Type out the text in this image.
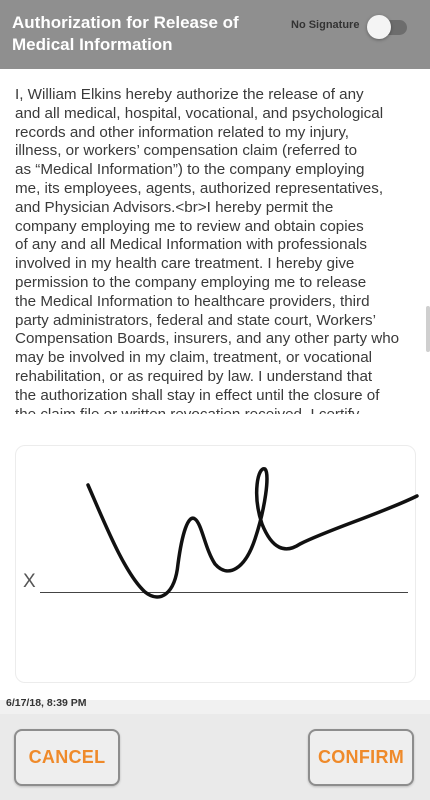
Authorization for Release of Medical Information
No Signature
I, William Elkins hereby authorize the release of any
and all medical, hospital, vocational, and psychological
records and other information related to my injury,
illness, or workers’ compensation claim (referred to
as “Medical Information”) to the company employing
me, its employees, agents, authorized representatives,
and Physician Advisors.<br>I hereby permit the
company employing me to review and obtain copies
of any and all Medical Information with professionals
involved in my health care treatment. I hereby give
permission to the company employing me to release
the Medical Information to healthcare providers, third
party administrators, federal and state court, Workers’
Compensation Boards, insurers, and any other party who
may be involved in my claim, treatment, or vocational
rehabilitation, or as required by law. I understand that
the authorization shall stay in effect until the closure of

X
6/17/18, 8:39 PM
CANCEL	CONFIRM
